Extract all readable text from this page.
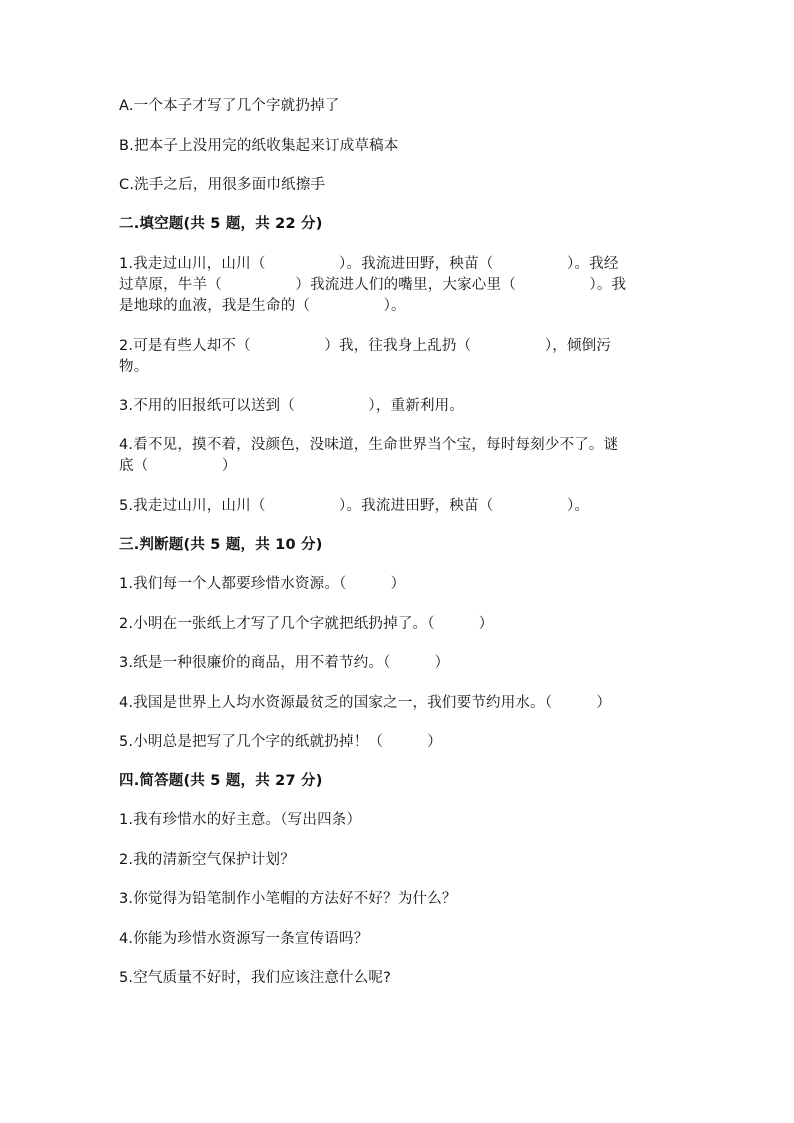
A.一个本子才写了几个字就扔掉了
B.把本子上没用完的纸收集起来订成草稿本
C.洗手之后，用很多面巾纸擦手
二.填空题(共 5 题，共 22 分)
1.我走过山川，山川（　　　　　）。我流进田野，秧苗（　　　　　）。我经
过草原，牛羊（　　　　　）我流进人们的嘴里，大家心里（　　　　　）。我
是地球的血液，我是生命的（　　　　　）。
2.可是有些人却不（　　　　　）我，往我身上乱扔（　　　　　），倾倒污
物。
3.不用的旧报纸可以送到（　　　　　），重新利用。
4.看不见，摸不着，没颜色，没味道，生命世界当个宝，每时每刻少不了。谜
底（　　　　　）
5.我走过山川，山川（　　　　　）。我流进田野，秧苗（　　　　　）。
三.判断题(共 5 题，共 10 分)
1.我们每一个人都要珍惜水资源。（　　　）
2.小明在一张纸上才写了几个字就把纸扔掉了。（　　　）
3.纸是一种很廉价的商品，用不着节约。（　　　）
4.我国是世界上人均水资源最贫乏的国家之一，我们要节约用水。（　　　）
5.小明总是把写了几个字的纸就扔掉！（　　　）
四.简答题(共 5 题，共 27 分)
1.我有珍惜水的好主意。（写出四条）
2.我的清新空气保护计划？
3.你觉得为铅笔制作小笔帽的方法好不好？为什么？
4.你能为珍惜水资源写一条宣传语吗？
5.空气质量不好时，我们应该注意什么呢?
